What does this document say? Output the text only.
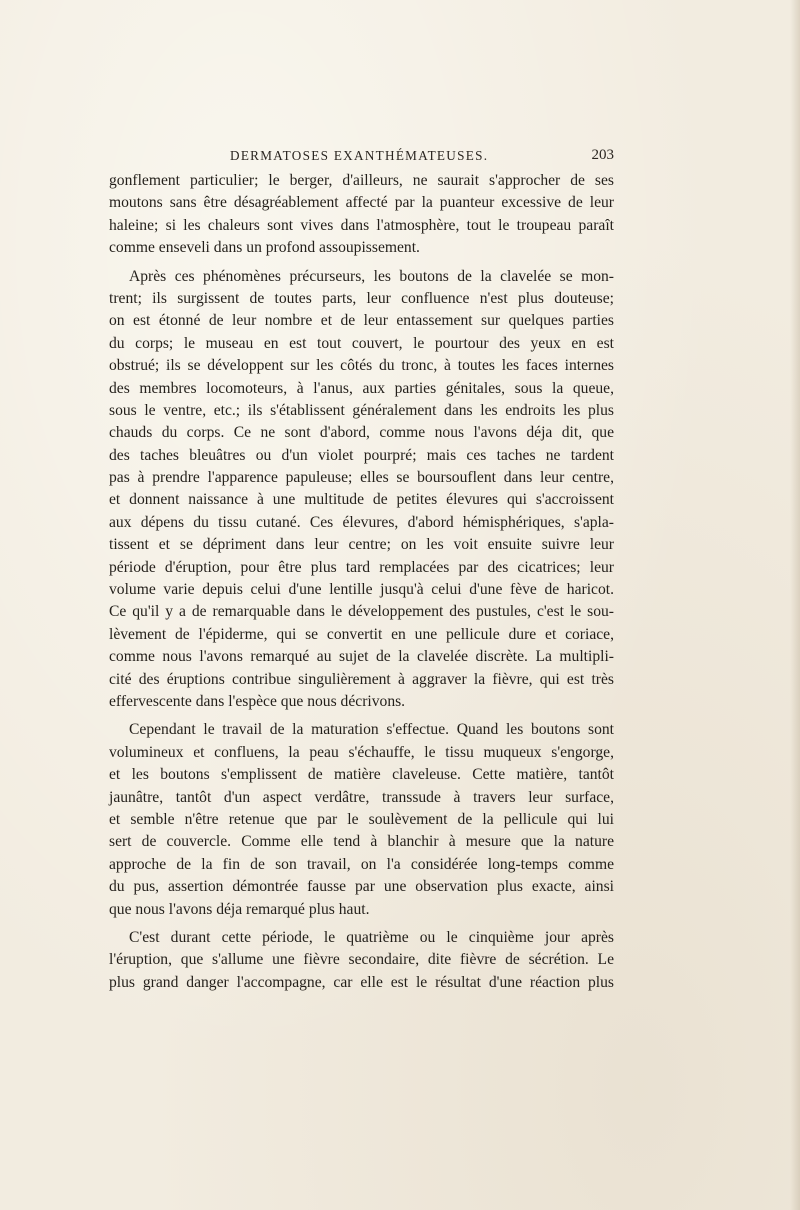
DERMATOSES EXANTHÉMATEUSES.	203
gonflement particulier; le berger, d'ailleurs, ne saurait s'approcher de ses
moutons sans être désagréablement affecté par la puanteur excessive de leur
haleine; si les chaleurs sont vives dans l'atmosphère, tout le troupeau paraît
comme enseveli dans un profond assoupissement.
Après ces phénomènes précurseurs, les boutons de la clavelée se mon-
trent; ils surgissent de toutes parts, leur confluence n'est plus douteuse;
on est étonné de leur nombre et de leur entassement sur quelques parties
du corps; le museau en est tout couvert, le pourtour des yeux en est
obstrué; ils se développent sur les côtés du tronc, à toutes les faces internes
des membres locomoteurs, à l'anus, aux parties génitales, sous la queue,
sous le ventre, etc.; ils s'établissent généralement dans les endroits les plus
chauds du corps. Ce ne sont d'abord, comme nous l'avons déja dit, que
des taches bleuâtres ou d'un violet pourpré; mais ces taches ne tardent
pas à prendre l'apparence papuleuse; elles se boursouflent dans leur centre,
et donnent naissance à une multitude de petites élevures qui s'accroissent
aux dépens du tissu cutané. Ces élevures, d'abord hémisphériques, s'apla-
tissent et se dépriment dans leur centre; on les voit ensuite suivre leur
période d'éruption, pour être plus tard remplacées par des cicatrices; leur
volume varie depuis celui d'une lentille jusqu'à celui d'une fève de haricot.
Ce qu'il y a de remarquable dans le développement des pustules, c'est le sou-
lèvement de l'épiderme, qui se convertit en une pellicule dure et coriace,
comme nous l'avons remarqué au sujet de la clavelée discrète. La multipli-
cité des éruptions contribue singulièrement à aggraver la fièvre, qui est très
effervescente dans l'espèce que nous décrivons.
Cependant le travail de la maturation s'effectue. Quand les boutons sont
volumineux et confluens, la peau s'échauffe, le tissu muqueux s'engorge,
et les boutons s'emplissent de matière claveleuse. Cette matière, tantôt
jaunâtre, tantôt d'un aspect verdâtre, transsude à travers leur surface,
et semble n'être retenue que par le soulèvement de la pellicule qui lui
sert de couvercle. Comme elle tend à blanchir à mesure que la nature
approche de la fin de son travail, on l'a considérée long-temps comme
du pus, assertion démontrée fausse par une observation plus exacte, ainsi
que nous l'avons déja remarqué plus haut.
C'est durant cette période, le quatrième ou le cinquième jour après
l'éruption, que s'allume une fièvre secondaire, dite fièvre de sécrétion. Le
plus grand danger l'accompagne, car elle est le résultat d'une réaction plus
